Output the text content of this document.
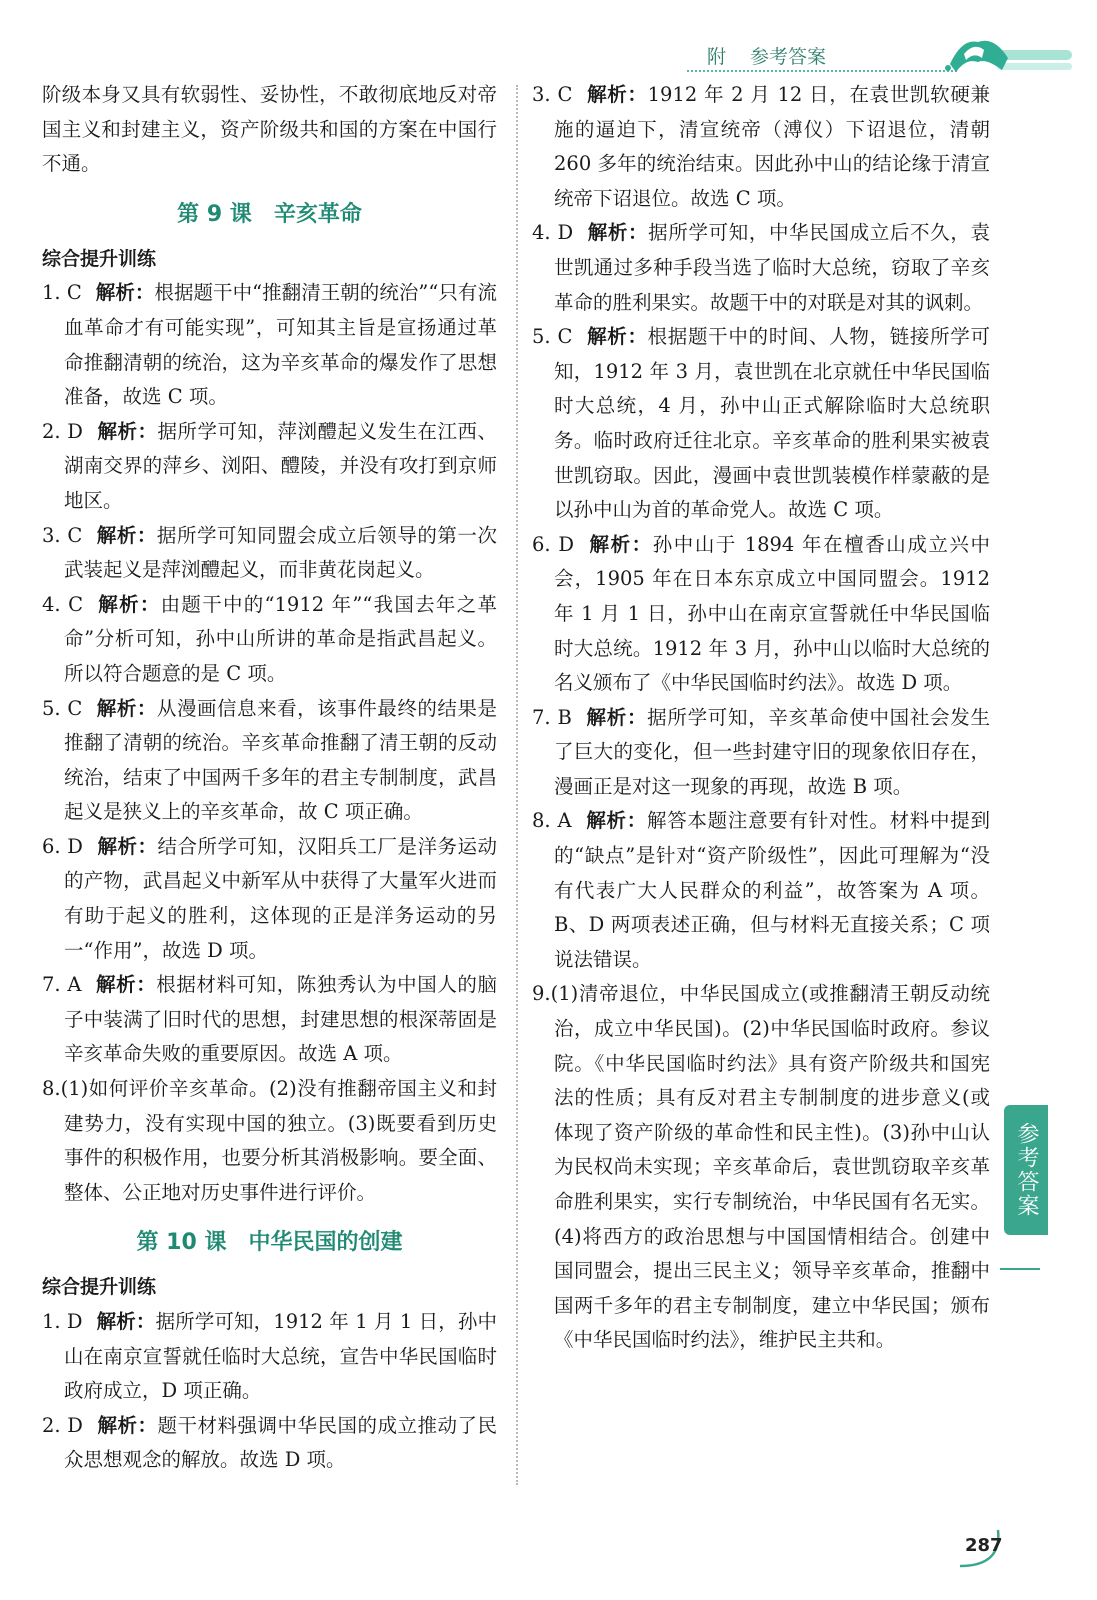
附 参考答案

阶级本身又具有软弱性、妥协性，不敢彻底地反对帝国主义和封建主义，资产阶级共和国的方案在中国行不通。

第 9 课 辛亥革命

综合提升训练

1. C 解析：根据题干中“推翻清王朝的统治”“只有流血革命才有可能实现”，可知其主旨是宣扬通过革命推翻清朝的统治，这为辛亥革命的爆发作了思想准备，故选 C 项。

2. D 解析：据所学可知，萍浏醴起义发生在江西、湖南交界的萍乡、浏阳、醴陵，并没有攻打到京师地区。

3. C 解析：据所学可知同盟会成立后领导的第一次武装起义是萍浏醴起义，而非黄花岗起义。

4. C 解析：由题干中的“1912 年”“我国去年之革命”分析可知，孙中山所讲的革命是指武昌起义。所以符合题意的是 C 项。

5. C 解析：从漫画信息来看，该事件最终的结果是推翻了清朝的统治。辛亥革命推翻了清王朝的反动统治，结束了中国两千多年的君主专制制度，武昌起义是狭义上的辛亥革命，故 C 项正确。

6. D 解析：结合所学可知，汉阳兵工厂是洋务运动的产物，武昌起义中新军从中获得了大量军火进而有助于起义的胜利，这体现的正是洋务运动的另一“作用”，故选 D 项。

7. A 解析：根据材料可知，陈独秀认为中国人的脑子中装满了旧时代的思想，封建思想的根深蒂固是辛亥革命失败的重要原因。故选 A 项。

8.(1)如何评价辛亥革命。(2)没有推翻帝国主义和封建势力，没有实现中国的独立。(3)既要看到历史事件的积极作用，也要分析其消极影响。要全面、整体、公正地对历史事件进行评价。

第 10 课 中华民国的创建

综合提升训练

1. D 解析：据所学可知，1912 年 1 月 1 日，孙中山在南京宣誓就任临时大总统，宣告中华民国临时政府成立，D 项正确。

2. D 解析：题干材料强调中华民国的成立推动了民众思想观念的解放。故选 D 项。

3. C 解析：1912 年 2 月 12 日，在袁世凯软硬兼施的逼迫下，清宣统帝（溥仪）下诏退位，清朝 260 多年的统治结束。因此孙中山的结论缘于清宣统帝下诏退位。故选 C 项。

4. D 解析：据所学可知，中华民国成立后不久，袁世凯通过多种手段当选了临时大总统，窃取了辛亥革命的胜利果实。故题干中的对联是对其的讽刺。

5. C 解析：根据题干中的时间、人物，链接所学可知，1912 年 3 月，袁世凯在北京就任中华民国临时大总统，4 月，孙中山正式解除临时大总统职务。临时政府迁往北京。辛亥革命的胜利果实被袁世凯窃取。因此，漫画中袁世凯装模作样蒙蔽的是以孙中山为首的革命党人。故选 C 项。

6. D 解析：孙中山于 1894 年在檀香山成立兴中会，1905 年在日本东京成立中国同盟会。1912 年 1 月 1 日，孙中山在南京宣誓就任中华民国临时大总统。1912 年 3 月，孙中山以临时大总统的名义颁布了《中华民国临时约法》。故选 D 项。

7. B 解析：据所学可知，辛亥革命使中国社会发生了巨大的变化，但一些封建守旧的现象依旧存在，漫画正是对这一现象的再现，故选 B 项。

8. A 解析：解答本题注意要有针对性。材料中提到的“缺点”是针对“资产阶级性”，因此可理解为“没有代表广大人民群众的利益”，故答案为 A 项。B、D 两项表述正确，但与材料无直接关系；C 项说法错误。

9.(1)清帝退位，中华民国成立(或推翻清王朝反动统治，成立中华民国)。(2)中华民国临时政府。参议院。《中华民国临时约法》具有资产阶级共和国宪法的性质；具有反对君主专制制度的进步意义(或体现了资产阶级的革命性和民主性)。(3)孙中山认为民权尚未实现；辛亥革命后，袁世凯窃取辛亥革命胜利果实，实行专制统治，中华民国有名无实。(4)将西方的政治思想与中国国情相结合。创建中国同盟会，提出三民主义；领导辛亥革命，推翻中国两千多年的君主专制制度，建立中华民国；颁布《中华民国临时约法》，维护民主共和。

参考答案
287
